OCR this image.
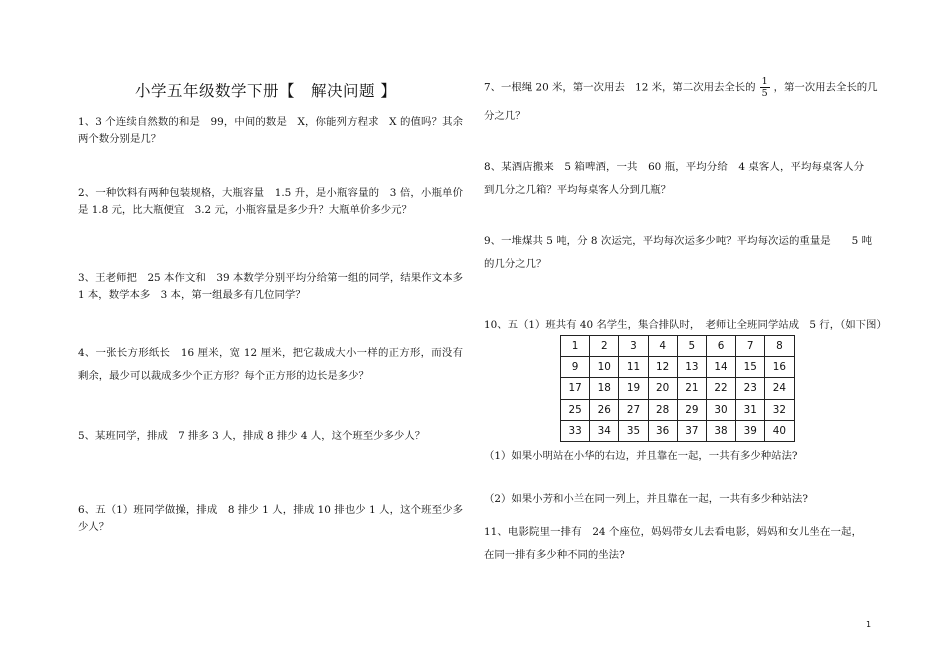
小学五年级数学下册【　解决问题 】
1、3 个连续自然数的和是　99，中间的数是　X，你能列方程求　X 的值吗？其余两个数分别是几？
2、一种饮料有两种包装规格，大瓶容量　1.5 升，是小瓶容量的　3 倍，小瓶单价是 1.8 元，比大瓶便宜　3.2 元，小瓶容量是多少升？大瓶单价多少元？
3、王老师把　25 本作文和　39 本数学分别平均分给第一组的同学，结果作文本多　1 本，数学本多　3 本，第一组最多有几位同学？
4、一张长方形纸长　16 厘米，宽 12 厘米，把它裁成大小一样的正方形，而没有剩余，最少可以裁成多少个正方形？每个正方形的边长是多少？
5、某班同学，排成　7 排多 3 人，排成 8 排少 4 人，这个班至少多少人？
6、五（1）班同学做操，排成　8 排少 1 人，排成 10 排也少 1 人，这个班至少多少人？
7、一根绳 20 米，第一次用去　12 米，第二次用去全长的 $\frac{1}{5}$ ，第一次用去全长的几
分之几？
8、某酒店搬来　5 箱啤酒，一共　60 瓶，平均分给　4 桌客人，平均每桌客人分到几分之几箱？平均每桌客人分到几瓶？
9、一堆煤共 5 吨，分 8 次运完，平均每次运多少吨？平均每次运的重量是　　5 吨的几分之几？
10、五（1）班共有 40 名学生，集合排队时，　老师让全班同学站成　5 行，（如下图）
1	2	3	4	5	6	7	8
9	10	11	12	13	14	15	16
17	18	19	20	21	22	23	24
25	26	27	28	29	30	31	32
33	34	35	36	37	38	39	40
（1）如果小明站在小华的右边，并且靠在一起，一共有多少种站法?
（2）如果小芳和小兰在同一列上，并且靠在一起，一共有多少种站法?
11、电影院里一排有　24 个座位，妈妈带女儿去看电影，妈妈和女儿坐在一起，在同一排有多少种不同的坐法?
1
